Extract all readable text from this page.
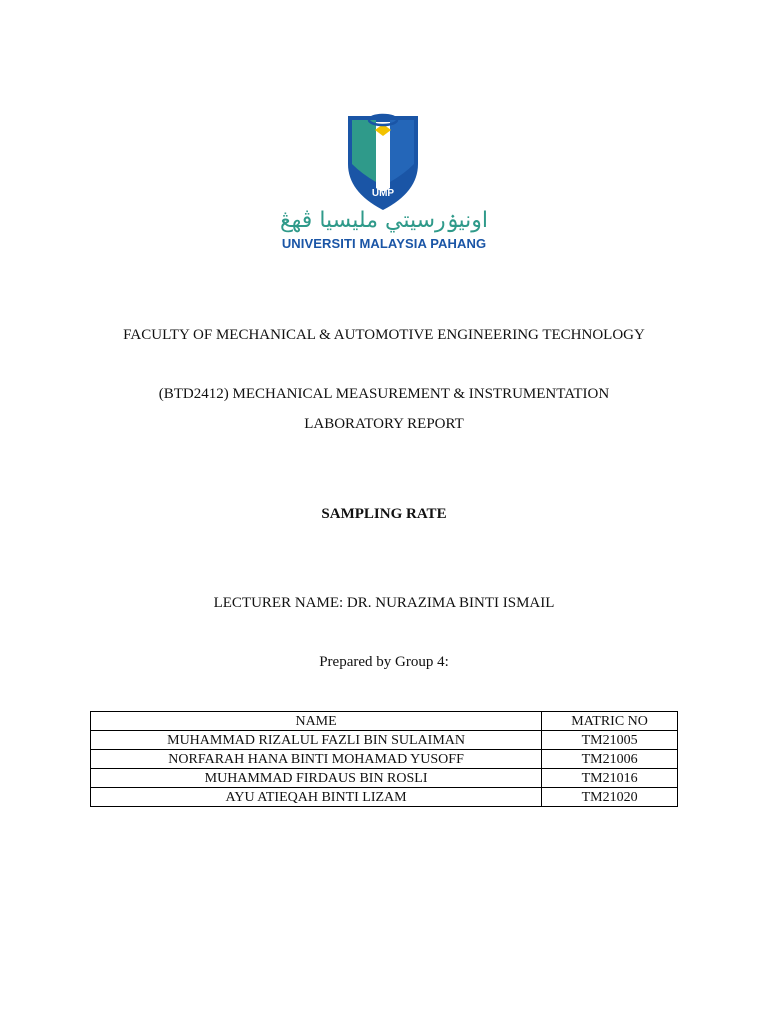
UMP
اونيۏرسيتي مليسيا ڤهڠ
UNIVERSITI MALAYSIA PAHANG
FACULTY OF MECHANICAL & AUTOMOTIVE ENGINEERING TECHNOLOGY
(BTD2412) MECHANICAL MEASUREMENT & INSTRUMENTATION
LABORATORY REPORT
SAMPLING RATE
LECTURER NAME: DR. NURAZIMA BINTI ISMAIL
Prepared by Group 4:
NAME	MATRIC NO
MUHAMMAD RIZALUL FAZLI BIN SULAIMAN	TM21005
NORFARAH HANA BINTI MOHAMAD YUSOFF	TM21006
MUHAMMAD FIRDAUS BIN ROSLI	TM21016
AYU ATIEQAH BINTI LIZAM	TM21020
